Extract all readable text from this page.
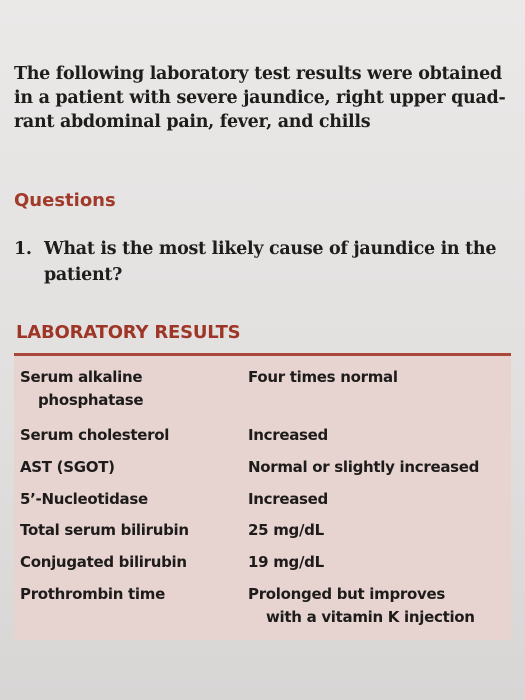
The following laboratory test results were obtained
in a patient with severe jaundice, right upper quad-
rant abdominal pain, fever, and chills
Questions
1. What is the most likely cause of jaundice in the
patient?
LABORATORY RESULTS
Serum alkaline	Four times normal
phosphatase
Serum cholesterol	Increased
AST (SGOT)	Normal or slightly increased
5’-Nucleotidase	Increased
Total serum bilirubin	25 mg/dL
Conjugated bilirubin	19 mg/dL
Prothrombin time	Prolonged but improves
with a vitamin K injection
